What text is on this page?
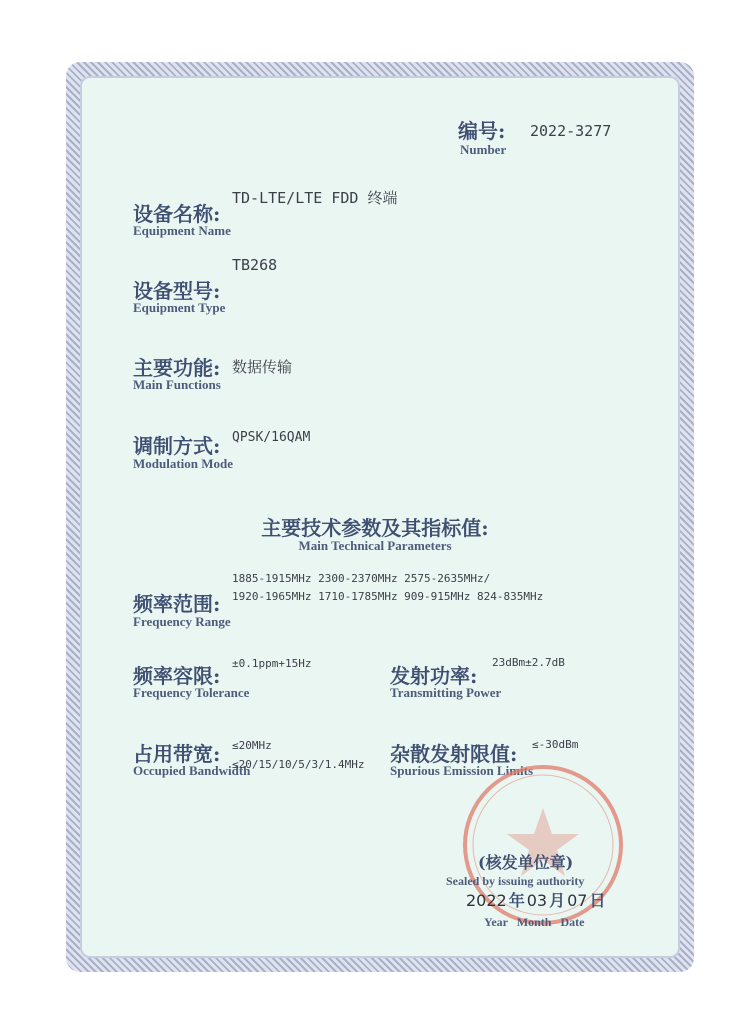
编号:
Number
2022-3277
设备名称:
Equipment Name
TD-LTE/LTE FDD 终端
设备型号:
Equipment Type
TB268
主要功能:
Main Functions
数据传输
调制方式:
Modulation Mode
QPSK/16QAM
主要技术参数及其指标值:
Main Technical Parameters
频率范围:
Frequency Range
1885-1915MHz 2300-2370MHz 2575-2635MHz/
1920-1965MHz 1710-1785MHz 909-915MHz 824-835MHz
频率容限:
Frequency Tolerance
±0.1ppm+15Hz
发射功率:
Transmitting Power
23dBm±2.7dB
占用带宽:
Occupied Bandwidth
≤20MHz
≤20/15/10/5/3/1.4MHz 杂散发射限值:
Spurious Emission Limits
≤-30dBm
(核发单位章)
Sealed by issuing authority
2022 年 03 月 07 日
Year   Month   Date
